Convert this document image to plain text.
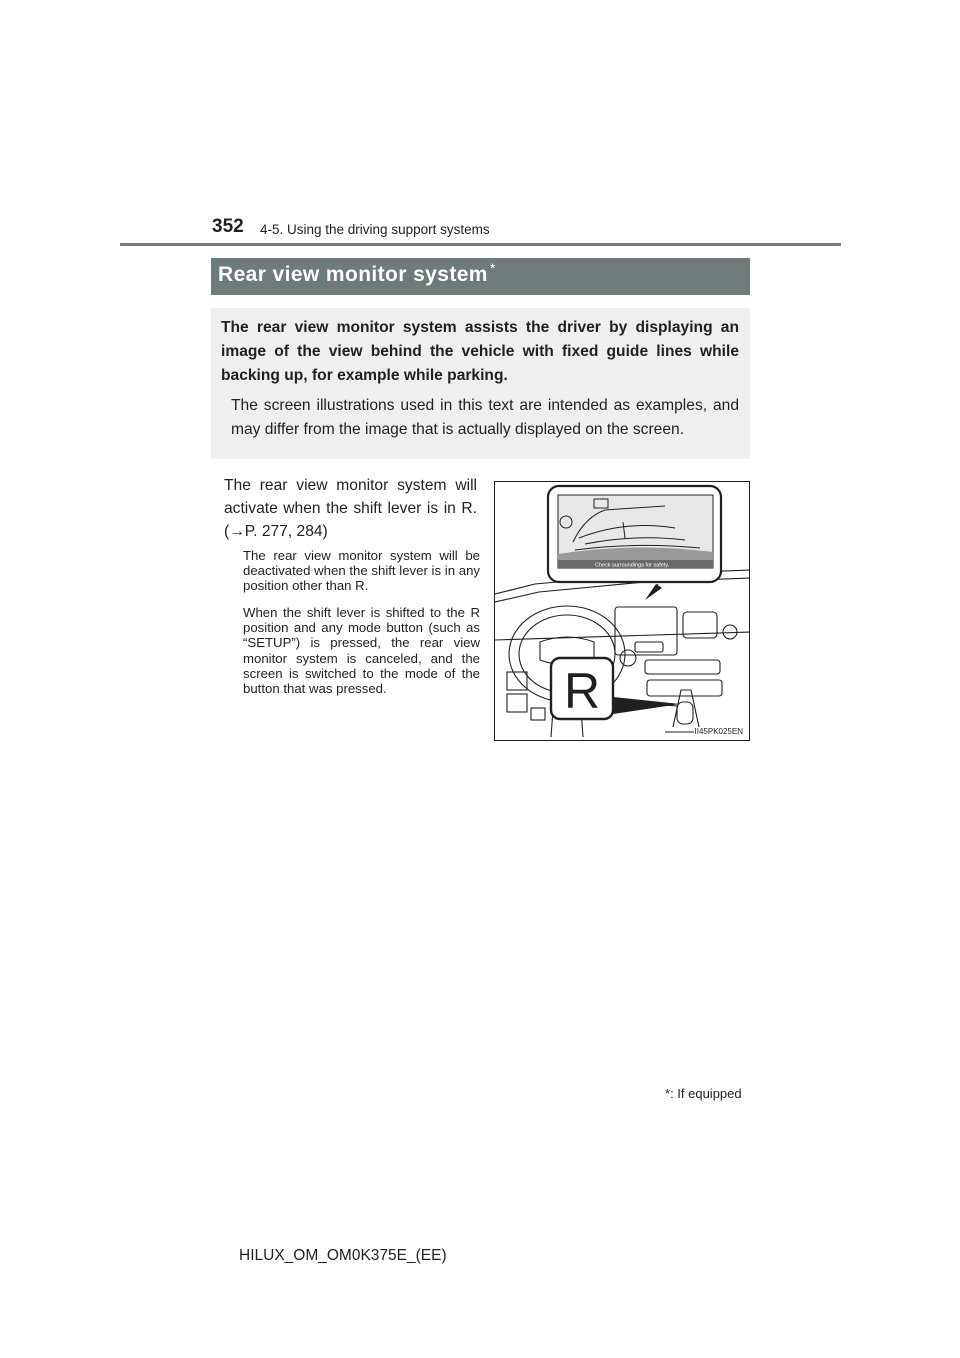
352 4-5. Using the driving support systems
Rear view monitor system *
The rear view monitor system assists the driver by displaying an image of the view behind the vehicle with fixed guide lines while backing up, for example while parking.
The screen illustrations used in this text are intended as examples, and may differ from the image that is actually displayed on the screen.
The rear view monitor system will activate when the shift lever is in R. (→P. 277, 284)
The rear view monitor system will be deactivated when the shift lever is in any position other than R.
When the shift lever is shifted to the R position and any mode button (such as “SETUP”) is pressed, the rear view monitor system is canceled, and the screen is switched to the mode of the button that was pressed.
Check surroundings for safety.
R
II45PK025EN
*: If equipped
HILUX_OM_OM0K375E_(EE)
